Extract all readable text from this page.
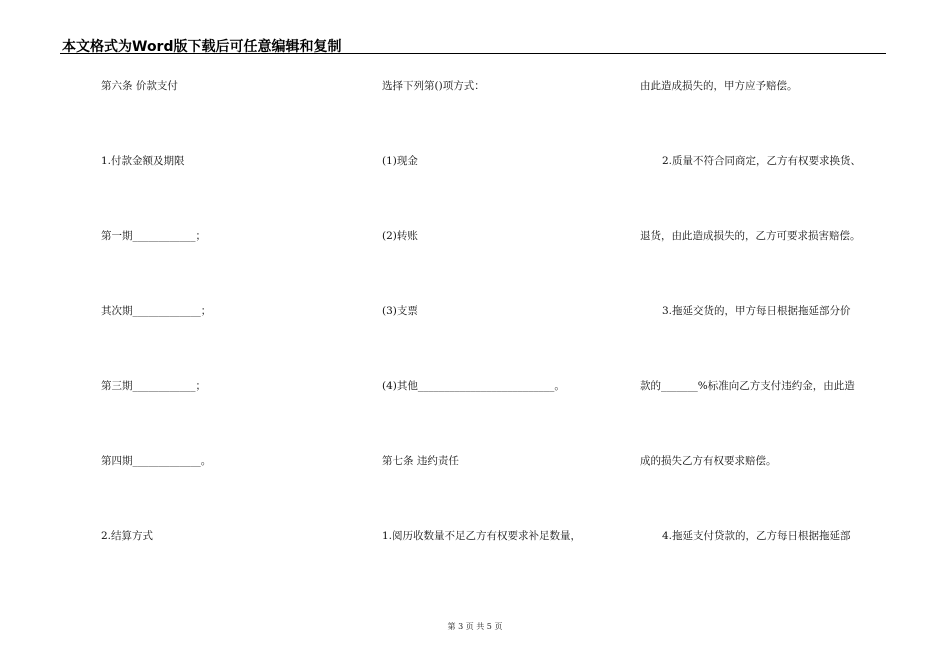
本文格式为Word版下载后可任意编辑和复制
第六条 价款支付
1.付款金额及期限
第一期____________；
其次期_____________；
第三期____________；
第四期_____________。
2.结算方式
选择下列第()项方式：
(1)现金
(2)转账
(3)支票
(4)其他__________________________。
第七条 违约责任
1.阅历收数量不足乙方有权要求补足数量，
由此造成损失的，甲方应予赔偿。
2.质量不符合同商定，乙方有权要求换货、
退货，由此造成损失的，乙方可要求损害赔偿。
3.拖延交货的，甲方每日根据拖延部分价
款的_______%标准向乙方支付违约金，由此造
成的损失乙方有权要求赔偿。
4.拖延支付贷款的，乙方每日根据拖延部
第 3 页 共 5 页
